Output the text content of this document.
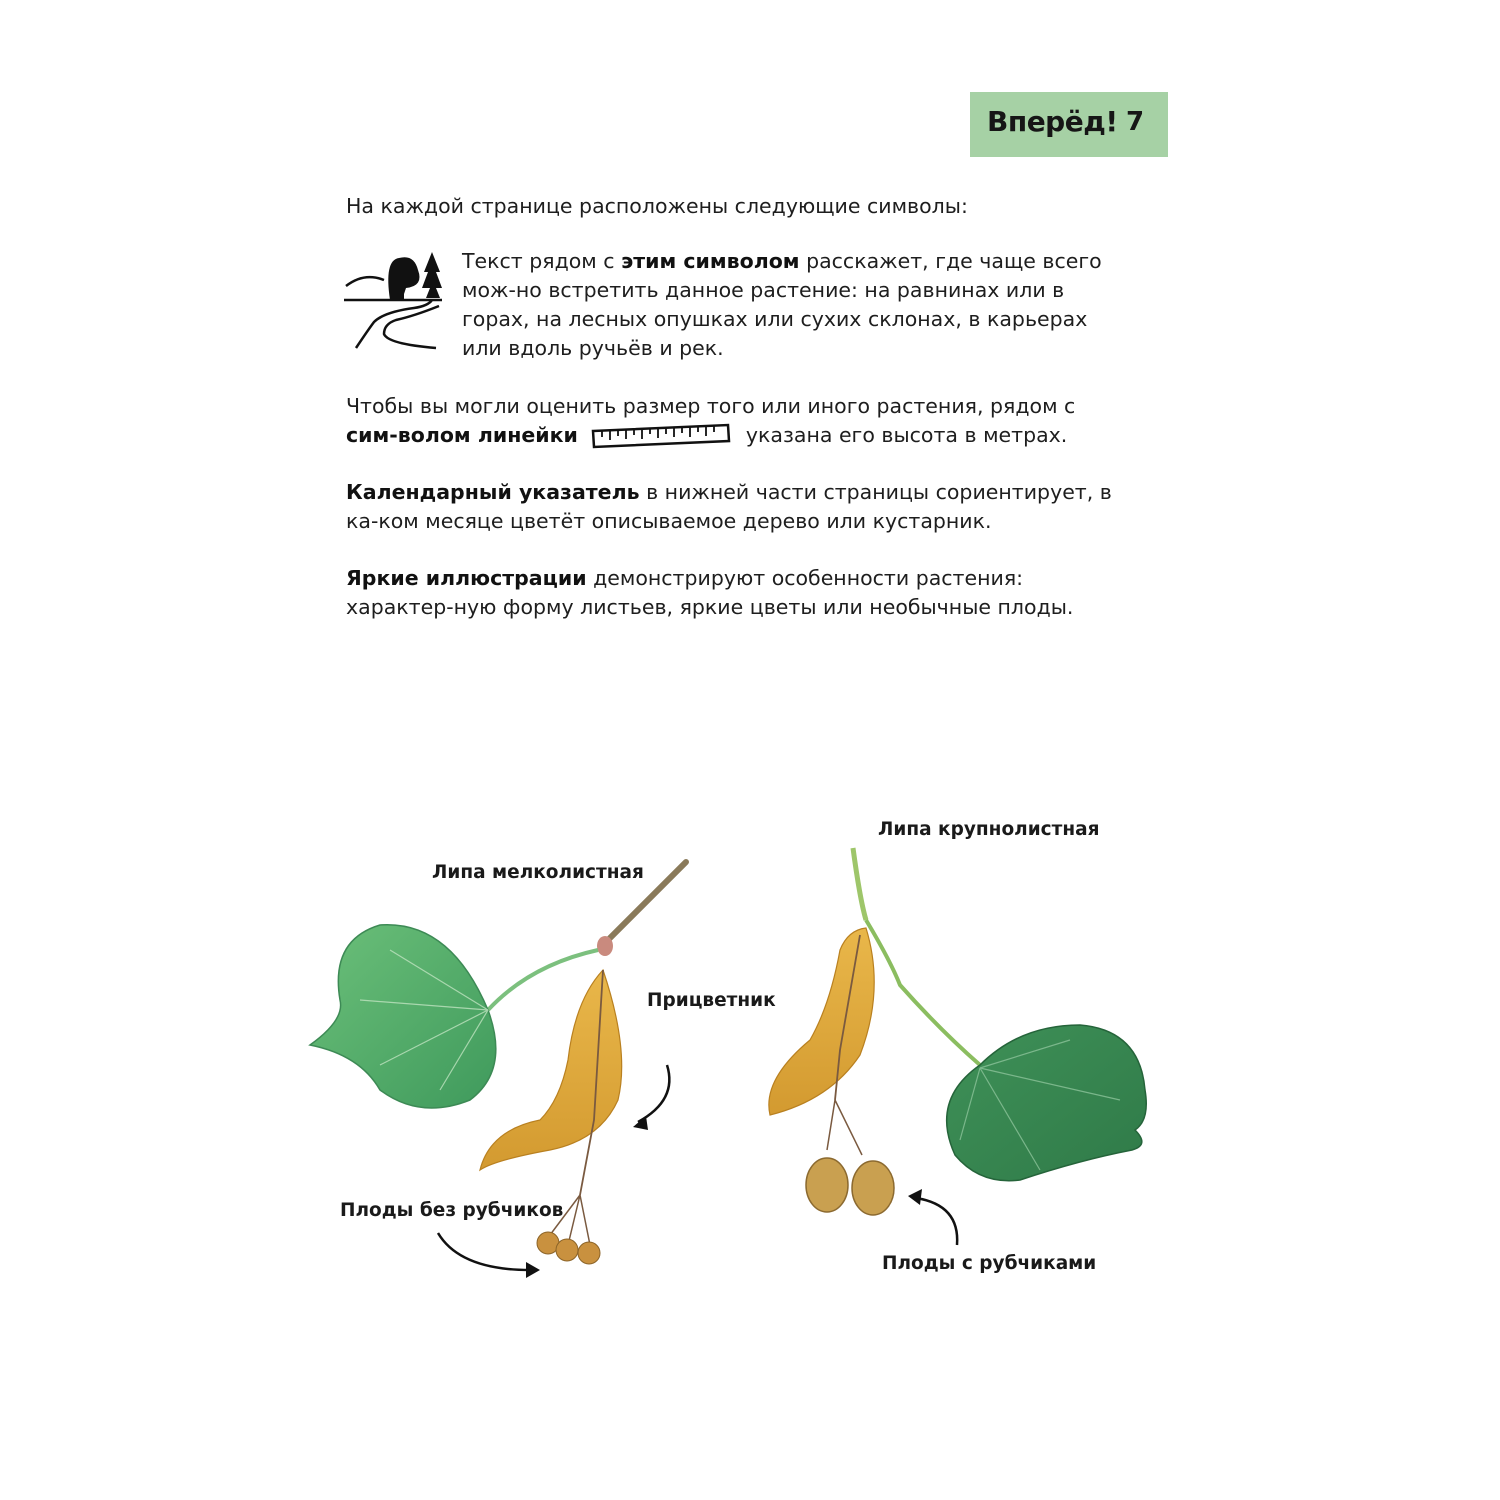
Вперёд! 7

На каждой странице расположены следующие символы:

Текст рядом с этим символом расскажет, где чаще всего мож-но встретить данное растение: на равнинах или в горах, на лесных опушках или сухих склонах, в карьерах или вдоль ручьёв и рек.

Чтобы вы могли оценить размер того или иного растения, рядом с сим-волом линейки	указана его высота в метрах.

Календарный указатель в нижней части страницы сориентирует, в ка-ком месяце цветёт описываемое дерево или кустарник.

Яркие иллюстрации демонстрируют особенности растения: характер-ную форму листьев, яркие цветы или необычные плоды.

Липа мелколистная
Липа крупнолистная
Прицветник
Плоды без рубчиков
Плоды с рубчиками
